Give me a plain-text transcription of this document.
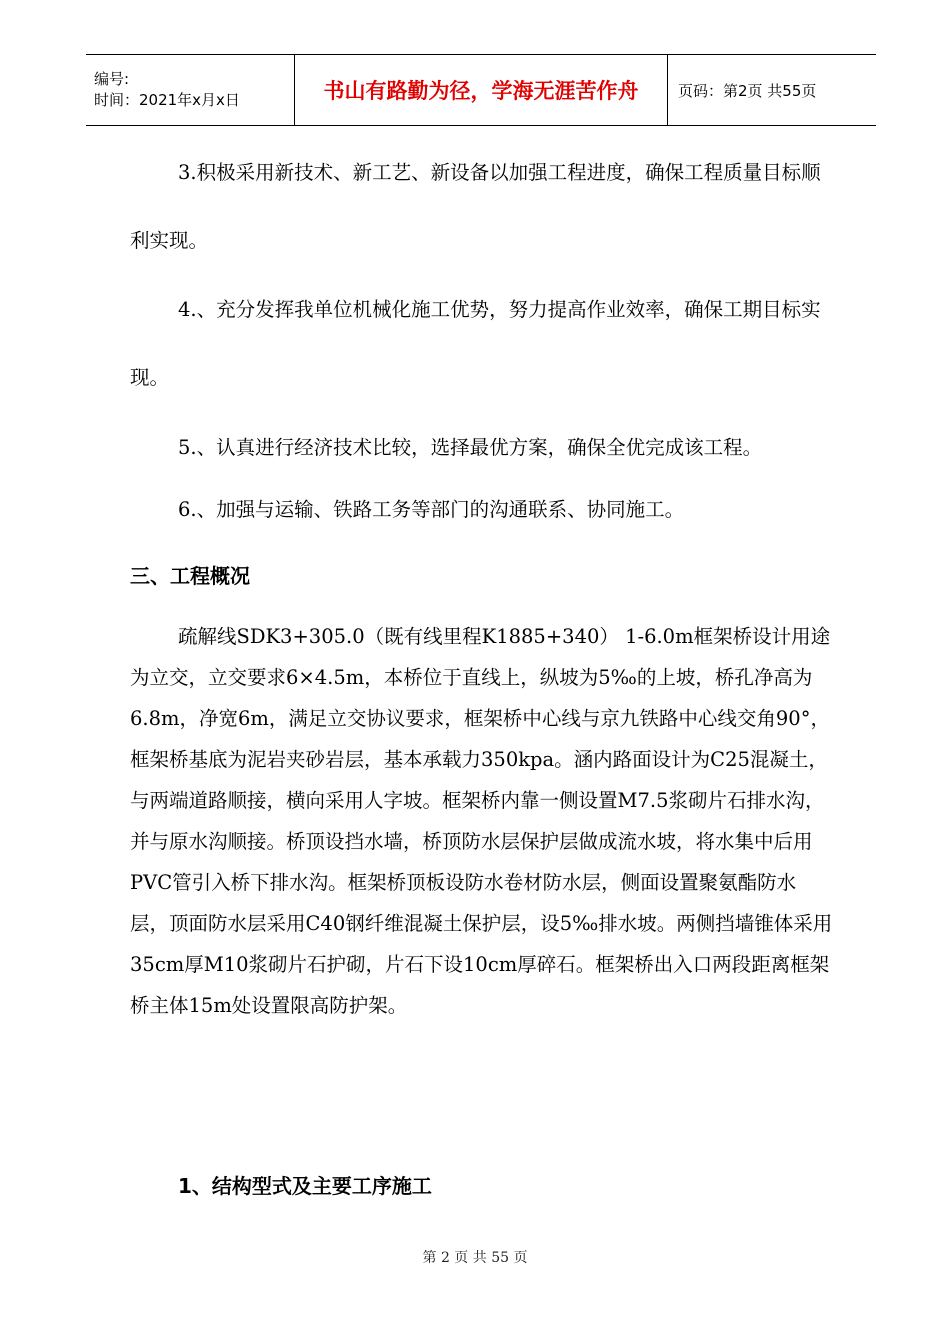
编号:
时间：2021年x月x日	书山有路勤为径，学海无涯苦作舟	页码：第2页 共55页

3.积极采用新技术、新工艺、新设备以加强工程进度，确保工程质量目标顺利实现。

4.、充分发挥我单位机械化施工优势，努力提高作业效率，确保工期目标实现。

5.、认真进行经济技术比较，选择最优方案，确保全优完成该工程。

6.、加强与运输、铁路工务等部门的沟通联系、协同施工。

三、工程概况

疏解线SDK3+305.0（既有线里程K1885+340） 1-6.0m框架桥设计用途为立交，立交要求6×4.5m，本桥位于直线上，纵坡为5‰的上坡，桥孔净高为6.8m，净宽6m，满足立交协议要求，框架桥中心线与京九铁路中心线交角90°，框架桥基底为泥岩夹砂岩层，基本承载力350kpa。涵内路面设计为C25混凝土，与两端道路顺接，横向采用人字坡。框架桥内靠一侧设置M7.5浆砌片石排水沟，并与原水沟顺接。桥顶设挡水墙，桥顶防水层保护层做成流水坡，将水集中后用PVC管引入桥下排水沟。框架桥顶板设防水卷材防水层，侧面设置聚氨酯防水层，顶面防水层采用C40钢纤维混凝土保护层，设5‰排水坡。两侧挡墙锥体采用35cm厚M10浆砌片石护砌，片石下设10cm厚碎石。框架桥出入口两段距离框架桥主体15m处设置限高防护架。

1、结构型式及主要工序施工
第 2 页 共 55 页
